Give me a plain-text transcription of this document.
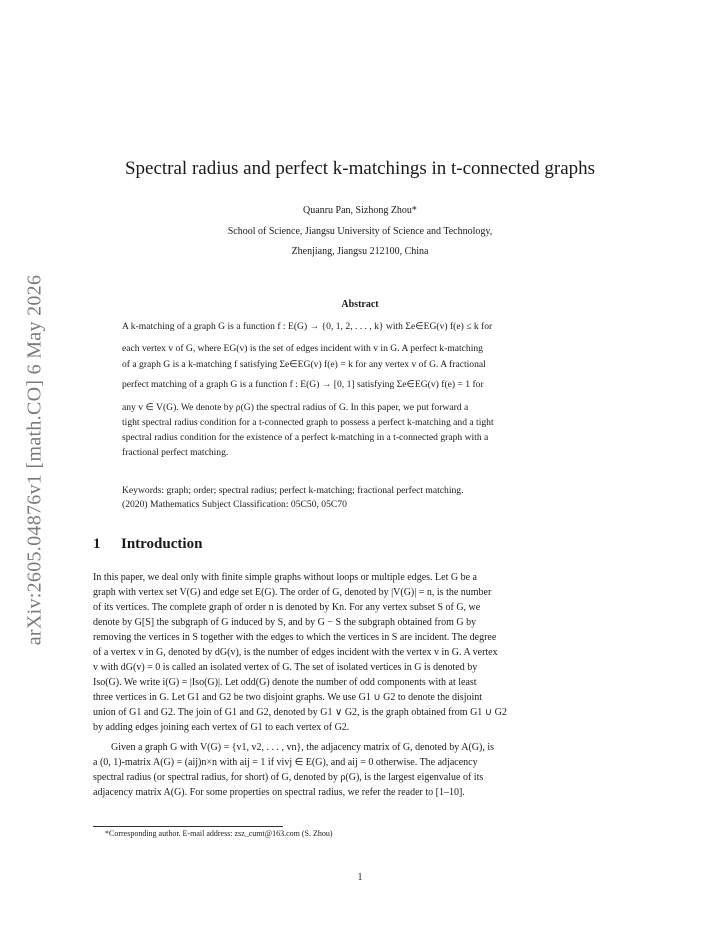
arXiv:2605.04876v1 [math.CO] 6 May 2026
Spectral radius and perfect k-matchings in t-connected graphs
Quanru Pan, Sizhong Zhou*
School of Science, Jiangsu University of Science and Technology,
Zhenjiang, Jiangsu 212100, China
Abstract
A k-matching of a graph G is a function f : E(G) → {0, 1, 2, . . . , k} with Σe∈EG(v) f(e) ≤ k for
each vertex v of G, where EG(v) is the set of edges incident with v in G. A perfect k-matching
of a graph G is a k-matching f satisfying Σe∈EG(v) f(e) = k for any vertex v of G. A fractional
perfect matching of a graph G is a function f : E(G) → [0, 1] satisfying Σe∈EG(v) f(e) = 1 for
any v ∈ V(G). We denote by ρ(G) the spectral radius of G. In this paper, we put forward a
tight spectral radius condition for a t-connected graph to possess a perfect k-matching and a tight
spectral radius condition for the existence of a perfect k-matching in a t-connected graph with a
fractional perfect matching.
Keywords: graph; order; spectral radius; perfect k-matching; fractional perfect matching.
(2020) Mathematics Subject Classification: 05C50, 05C70
1 Introduction
In this paper, we deal only with finite simple graphs without loops or multiple edges. Let G be a
graph with vertex set V(G) and edge set E(G). The order of G, denoted by |V(G)| = n, is the number
of its vertices. The complete graph of order n is denoted by Kn. For any vertex subset S of G, we
denote by G[S] the subgraph of G induced by S, and by G − S the subgraph obtained from G by
removing the vertices in S together with the edges to which the vertices in S are incident. The degree
of a vertex v in G, denoted by dG(v), is the number of edges incident with the vertex v in G. A vertex
v with dG(v) = 0 is called an isolated vertex of G. The set of isolated vertices in G is denoted by
Iso(G). We write i(G) = |Iso(G)|. Let odd(G) denote the number of odd components with at least
three vertices in G. Let G1 and G2 be two disjoint graphs. We use G1 ∪ G2 to denote the disjoint
union of G1 and G2. The join of G1 and G2, denoted by G1 ∨ G2, is the graph obtained from G1 ∪ G2
by adding edges joining each vertex of G1 to each vertex of G2.
Given a graph G with V(G) = {v1, v2, . . . , vn}, the adjacency matrix of G, denoted by A(G), is
a (0, 1)-matrix A(G) = (aij)n×n with aij = 1 if vivj ∈ E(G), and aij = 0 otherwise. The adjacency
spectral radius (or spectral radius, for short) of G, denoted by ρ(G), is the largest eigenvalue of its
adjacency matrix A(G). For some properties on spectral radius, we refer the reader to [1–10].
*Corresponding author. E-mail address: zsz_cumt@163.com (S. Zhou)
1
